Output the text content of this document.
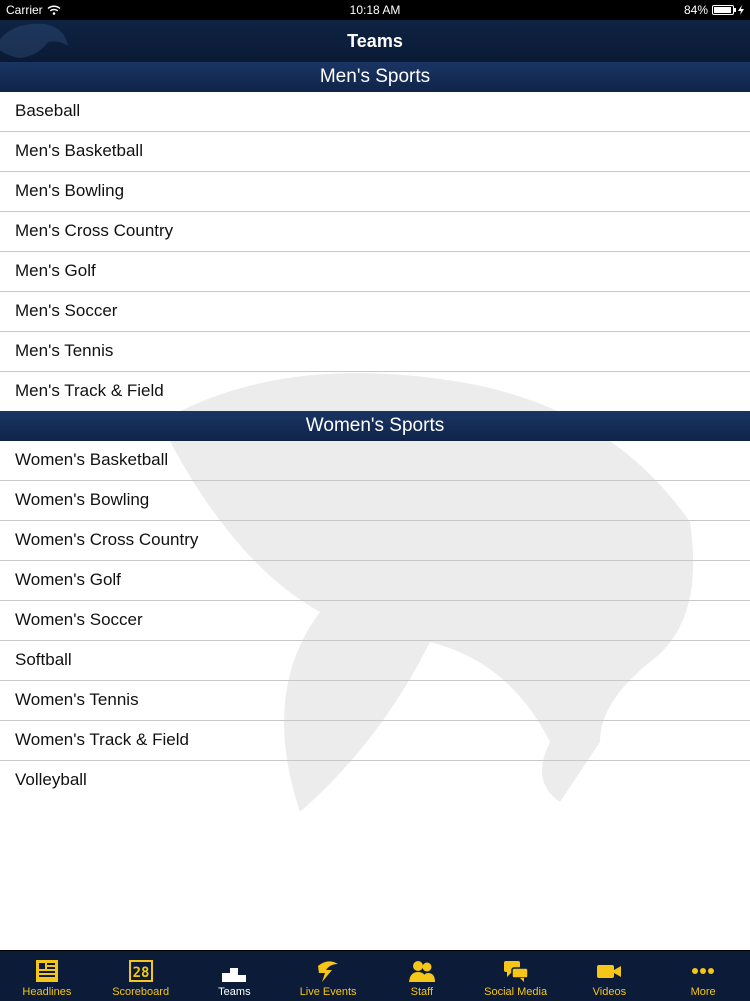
Carrier	10:18 AM	84%
Teams
Men's Sports
Baseball
Men's Basketball
Men's Bowling
Men's Cross Country
Men's Golf
Men's Soccer
Men's Tennis
Men's Track & Field
Women's Sports
Women's Basketball
Women's Bowling
Women's Cross Country
Women's Golf
Women's Soccer
Softball
Women's Tennis
Women's Track & Field
Volleyball
Headlines
28
Scoreboard	Teams	Live Events	Staff	Social Media	Videos	More
